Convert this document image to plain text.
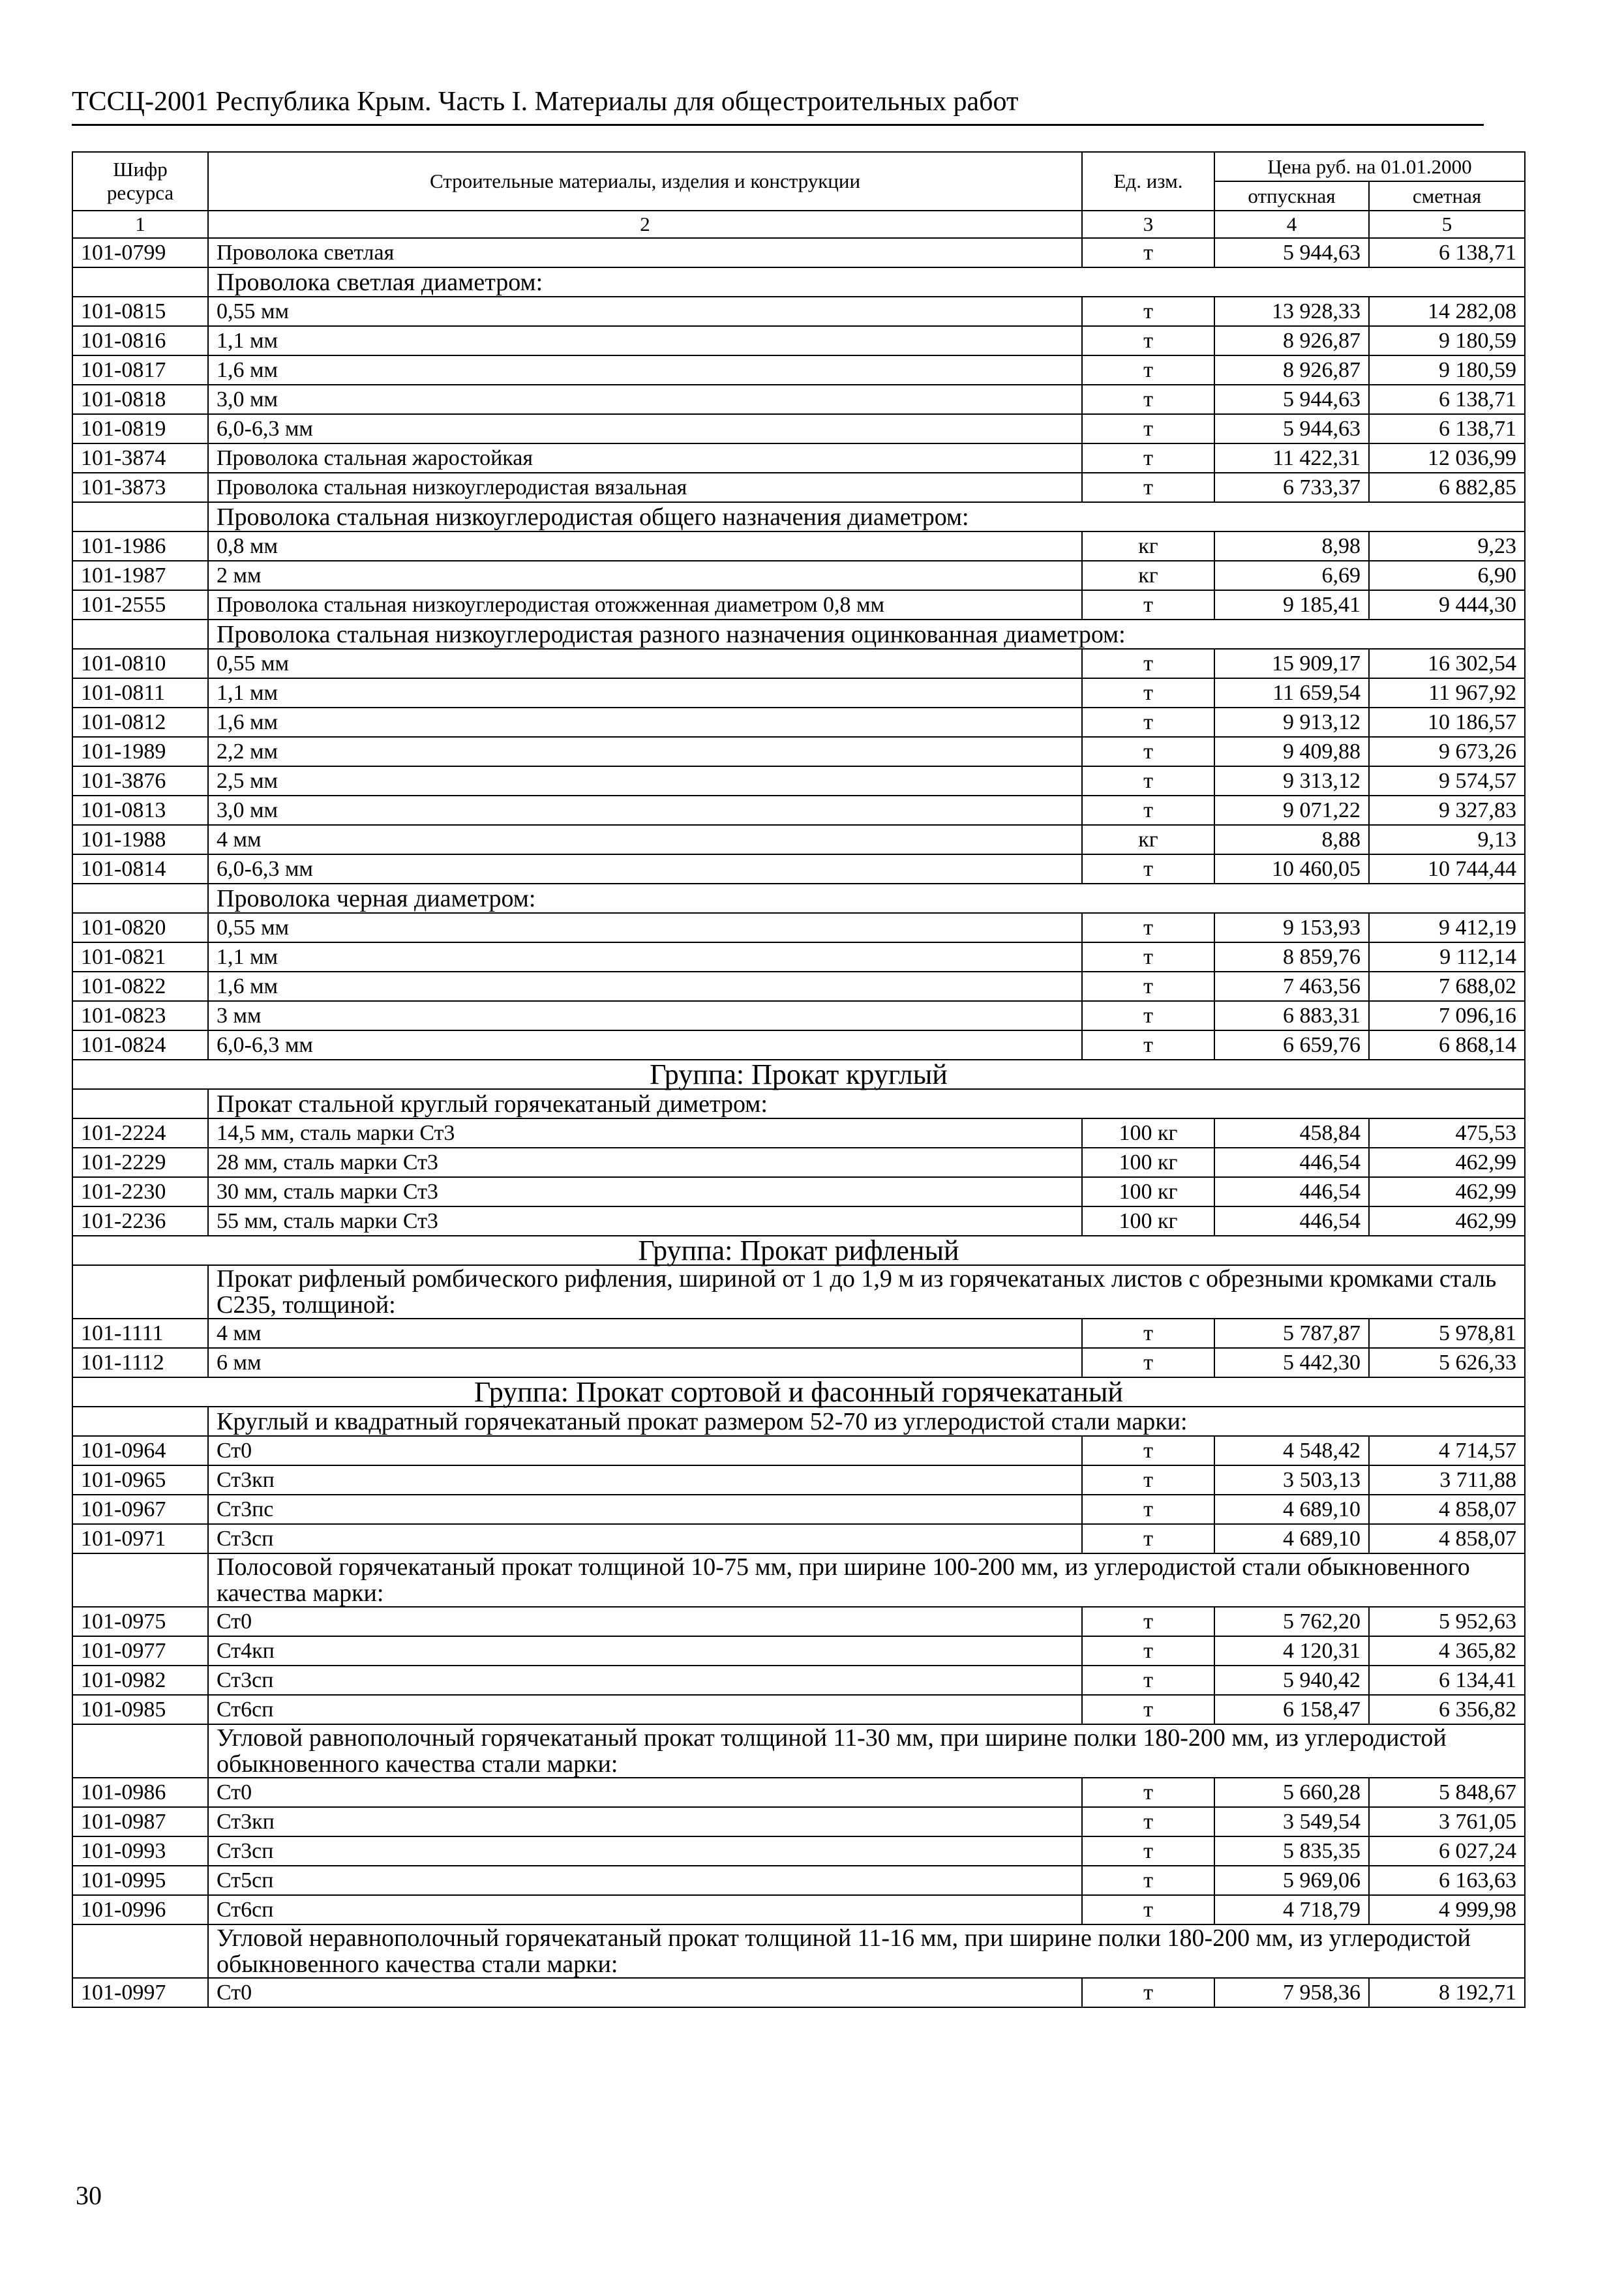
ТССЦ-2001 Республика Крым. Часть I. Материалы для общестроительных работ
Шифр ресурса	Строительные материалы, изделия и конструкции	Ед. изм.	Цена руб. на 01.01.2000	
			отпускная	сметная
1	2	3	4	5
101-0799	Проволока светлая	т	5 944,63	6 138,71
	Проволока светлая диаметром:			
101-0815	0,55 мм	т	13 928,33	14 282,08
101-0816	1,1 мм	т	8 926,87	9 180,59
101-0817	1,6 мм	т	8 926,87	9 180,59
101-0818	3,0 мм	т	5 944,63	6 138,71
101-0819	6,0-6,3 мм	т	5 944,63	6 138,71
101-3874	Проволока стальная жаростойкая	т	11 422,31	12 036,99
101-3873	Проволока стальная низкоуглеродистая вязальная	т	6 733,37	6 882,85
	Проволока стальная низкоуглеродистая общего назначения диаметром:			
101-1986	0,8 мм	кг	8,98	9,23
101-1987	2 мм	кг	6,69	6,90
101-2555	Проволока стальная низкоуглеродистая отожженная диаметром 0,8 мм	т	9 185,41	9 444,30
	Проволока стальная низкоуглеродистая разного назначения оцинкованная диаметром:			
101-0810	0,55 мм	т	15 909,17	16 302,54
101-0811	1,1 мм	т	11 659,54	11 967,92
101-0812	1,6 мм	т	9 913,12	10 186,57
101-1989	2,2 мм	т	9 409,88	9 673,26
101-3876	2,5 мм	т	9 313,12	9 574,57
101-0813	3,0 мм	т	9 071,22	9 327,83
101-1988	4 мм	кг	8,88	9,13
101-0814	6,0-6,3 мм	т	10 460,05	10 744,44
	Проволока черная диаметром:			
101-0820	0,55 мм	т	9 153,93	9 412,19
101-0821	1,1 мм	т	8 859,76	9 112,14
101-0822	1,6 мм	т	7 463,56	7 688,02
101-0823	3 мм	т	6 883,31	7 096,16
101-0824	6,0-6,3 мм	т	6 659,76	6 868,14
Группа: Прокат круглый				
	Прокат стальной круглый горячекатаный диметром:			
101-2224	14,5 мм, сталь марки Ст3	100 кг	458,84	475,53
101-2229	28 мм, сталь марки Ст3	100 кг	446,54	462,99
101-2230	30 мм, сталь марки Ст3	100 кг	446,54	462,99
101-2236	55 мм, сталь марки Ст3	100 кг	446,54	462,99
Группа: Прокат рифленый				
	Прокат рифленый ромбического рифления, шириной от 1 до 1,9 м из горячекатаных листов с обрезными кромками сталь С235, толщиной:			
101-1111	4 мм	т	5 787,87	5 978,81
101-1112	6 мм	т	5 442,30	5 626,33
Группа: Прокат сортовой и фасонный горячекатаный				
	Круглый и квадратный горячекатаный прокат размером 52-70 из углеродистой стали марки:			
101-0964	Ст0	т	4 548,42	4 714,57
101-0965	Ст3кп	т	3 503,13	3 711,88
101-0967	Ст3пс	т	4 689,10	4 858,07
101-0971	Ст3сп	т	4 689,10	4 858,07
	Полосовой горячекатаный прокат толщиной 10-75 мм, при ширине 100-200 мм, из углеродистой стали обыкновенного качества марки:			
101-0975	Ст0	т	5 762,20	5 952,63
101-0977	Ст4кп	т	4 120,31	4 365,82
101-0982	Ст3сп	т	5 940,42	6 134,41
101-0985	Ст6сп	т	6 158,47	6 356,82
	Угловой равнополочный горячекатаный прокат толщиной 11-30 мм, при ширине полки 180-200 мм, из углеродистой обыкновенного качества стали марки:			
101-0986	Ст0	т	5 660,28	5 848,67
101-0987	Ст3кп	т	3 549,54	3 761,05
101-0993	Ст3сп	т	5 835,35	6 027,24
101-0995	Ст5сп	т	5 969,06	6 163,63
101-0996	Ст6сп	т	4 718,79	4 999,98
	Угловой неравнополочный горячекатаный прокат толщиной 11-16 мм, при ширине полки 180-200 мм, из углеродистой обыкновенного качества стали марки:			
101-0997	Ст0	т	7 958,36	8 192,71
30
